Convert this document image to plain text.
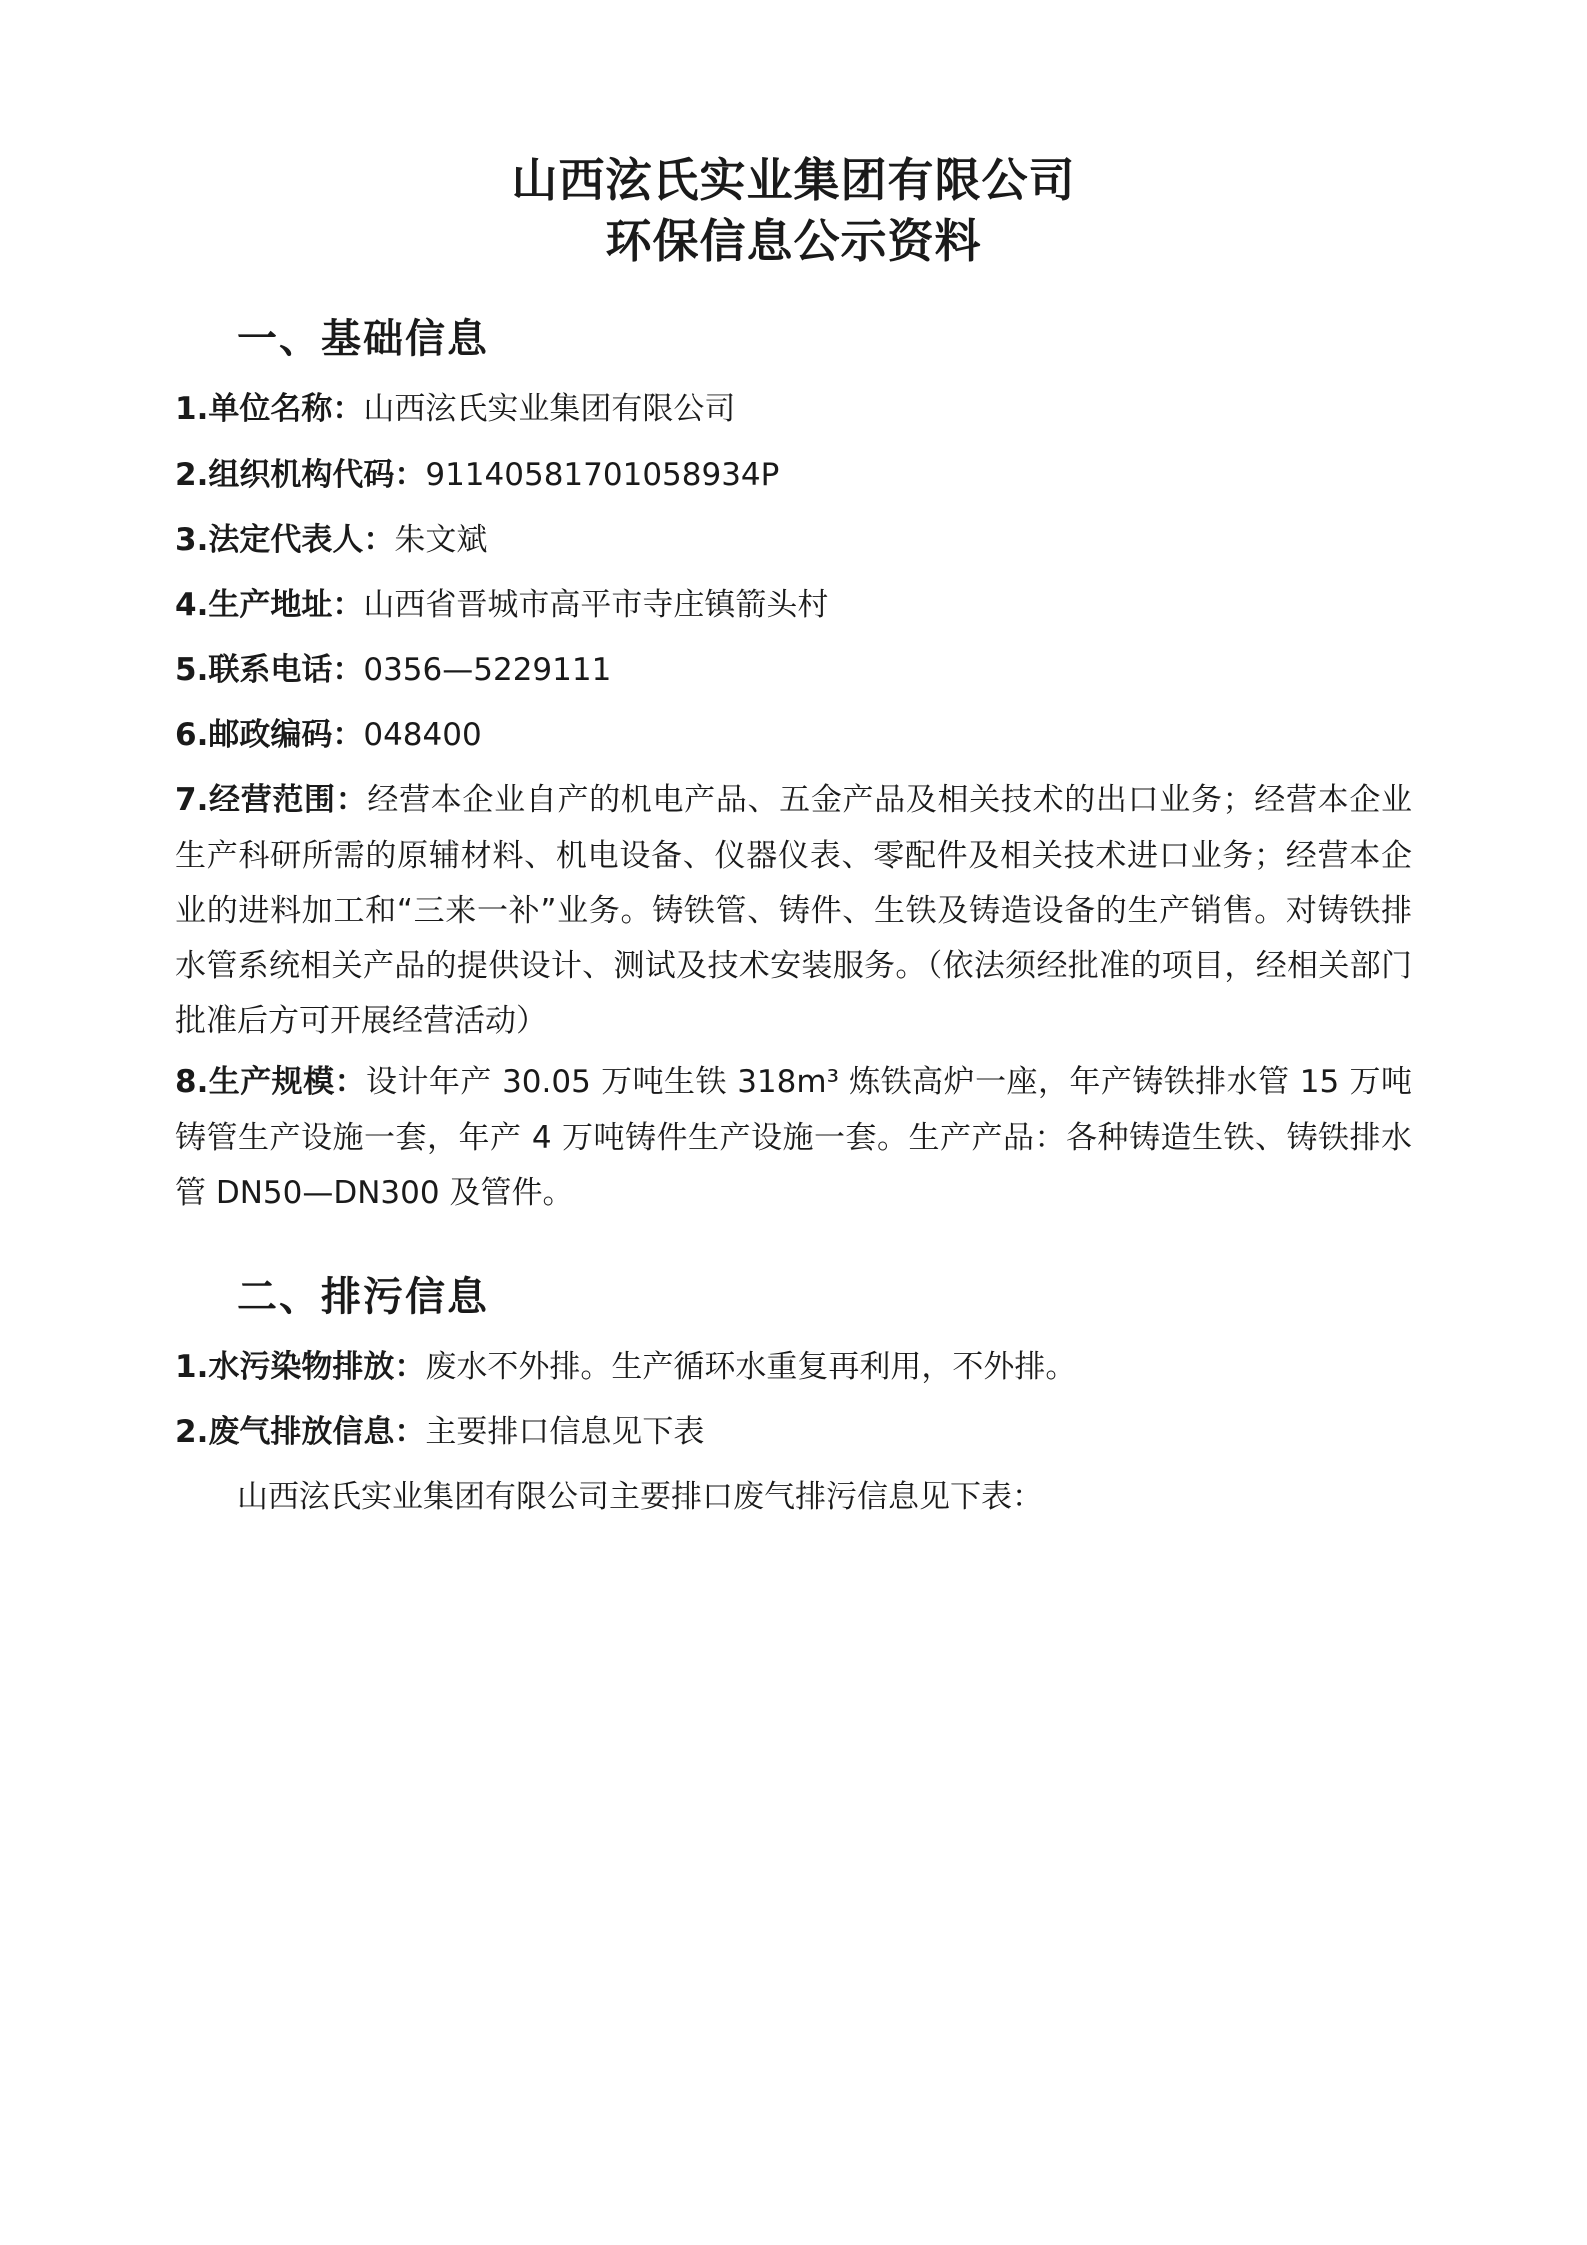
山西泫氏实业集团有限公司
环保信息公示资料
一、基础信息

1.单位名称：山西泫氏实业集团有限公司

2.组织机构代码：91140581701058934P

3.法定代表人：朱文斌

4.生产地址：山西省晋城市高平市寺庄镇箭头村

5.联系电话：0356—5229111

6.邮政编码：048400

7.经营范围：经营本企业自产的机电产品、五金产品及相关技术的出口业务；经营本企业生产科研所需的原辅材料、机电设备、仪器仪表、零配件及相关技术进口业务；经营本企业的进料加工和“三来一补”业务。铸铁管、铸件、生铁及铸造设备的生产销售。对铸铁排水管系统相关产品的提供设计、测试及技术安装服务。（依法须经批准的项目，经相关部门批准后方可开展经营活动）

8.生产规模：设计年产 30.05 万吨生铁 318m³ 炼铁高炉一座，年产铸铁排水管 15 万吨铸管生产设施一套，年产 4 万吨铸件生产设施一套。生产产品：各种铸造生铁、铸铁排水管 DN50—DN300 及管件。

二、排污信息

1.水污染物排放：废水不外排。生产循环水重复再利用，不外排。

2.废气排放信息：主要排口信息见下表

山西泫氏实业集团有限公司主要排口废气排污信息见下表：
